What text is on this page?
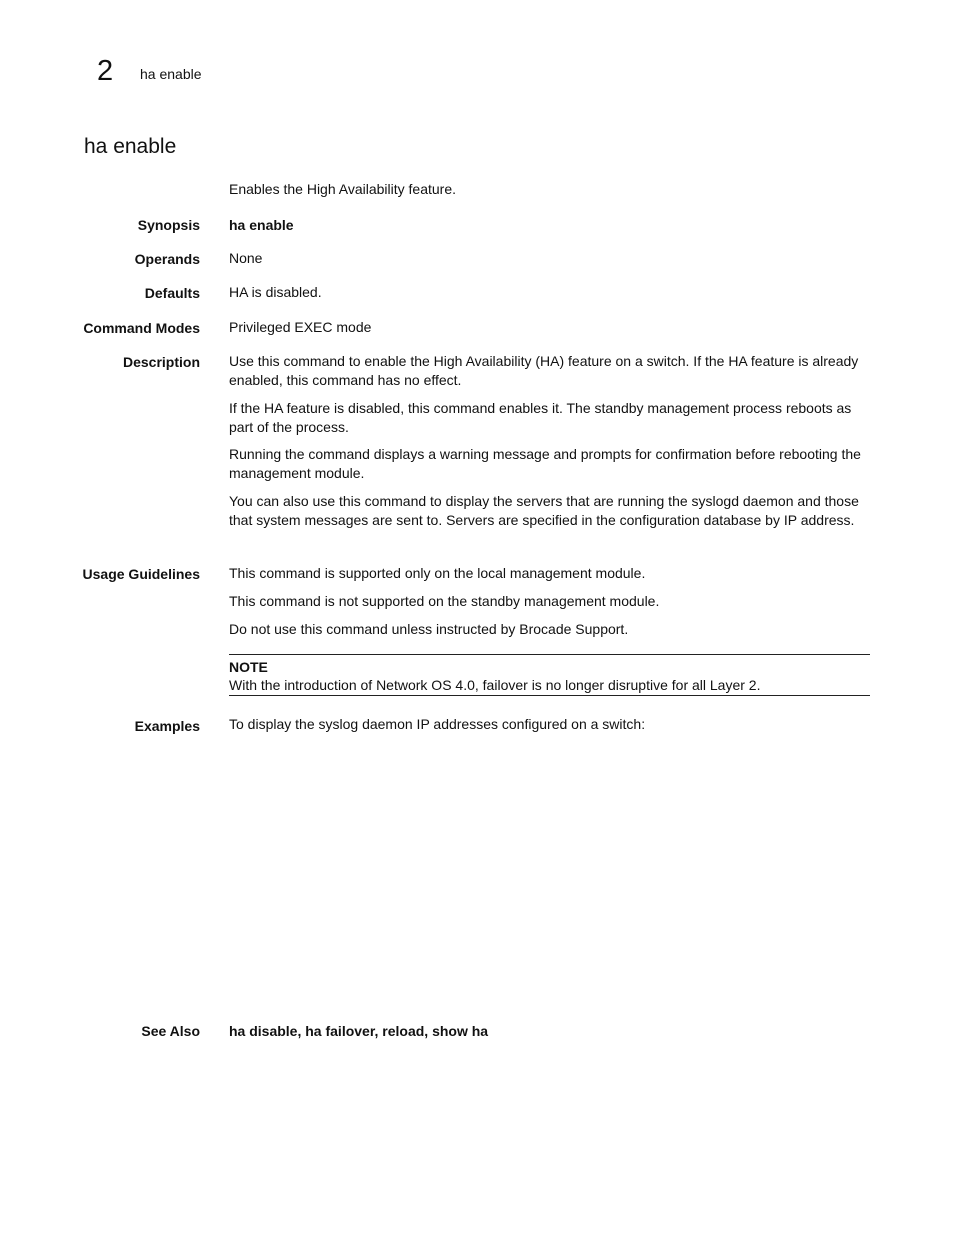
2 ha enable
ha enable
Enables the High Availability feature.
Synopsis ha enable
Operands None
Defaults HA is disabled.
Command Modes Privileged EXEC mode
Description Use this command to enable the High Availability (HA) feature on a switch. If the HA feature is already enabled, this command has no effect.
If the HA feature is disabled, this command enables it. The standby management process reboots as part of the process.
Running the command displays a warning message and prompts for confirmation before rebooting the management module.
You can also use this command to display the servers that are running the syslogd daemon and those that system messages are sent to. Servers are specified in the configuration database by IP address.
Usage Guidelines This command is supported only on the local management module.
This command is not supported on the standby management module.
Do not use this command unless instructed by Brocade Support.
NOTE
With the introduction of Network OS 4.0, failover is no longer disruptive for all Layer 2.
Examples To display the syslog daemon IP addresses configured on a switch:
See Also ha disable, ha failover, reload, show ha
